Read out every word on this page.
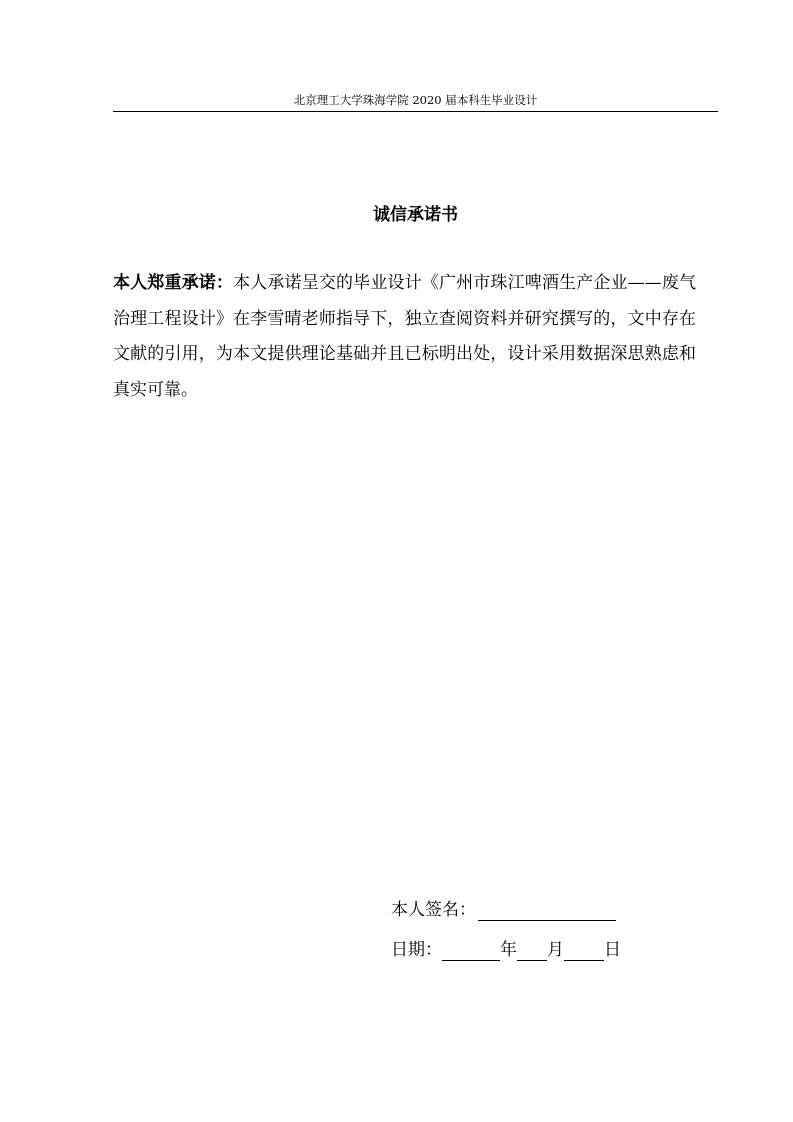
北京理工大学珠海学院 2020 届本科生毕业设计
诚信承诺书
本人郑重承诺：本人承诺呈交的毕业设计《广州市珠江啤酒生产企业——废气治理工程设计》在李雪晴老师指导下，独立查阅资料并研究撰写的，文中存在文献的引用，为本文提供理论基础并且已标明出处，设计采用数据深思熟虑和真实可靠。
本人签名：
日期：	年 月 日
